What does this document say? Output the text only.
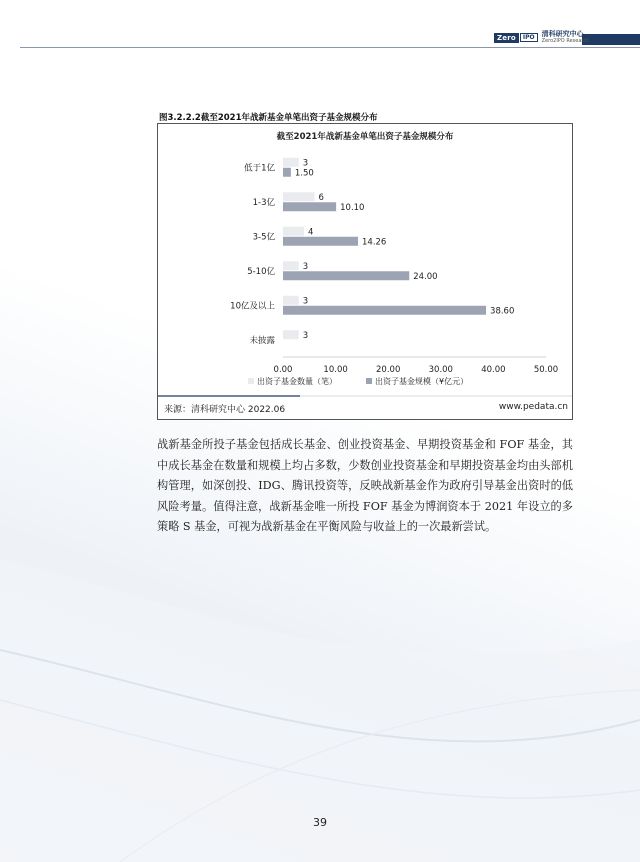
Zero	IPO	清科研究中心
Zero2IPO Research
图3.2.2.2截至2021年战新基金单笔出资子基金规模分布
截至2021年战新基金单笔出资子基金规模分布
低于1亿	3
1.50
1-3亿	6
10.10
3-5亿	4
14.26
5-10亿	3
24.00
10亿及以上	3
38.60
未披露	3
0.00	10.00	20.00	30.00	40.00	50.00
出资子基金数量（笔）	出资子基金规模（¥亿元）
来源：清科研究中心 2022.06	www.pedata.cn
战新基金所投子基金包括成长基金、创业投资基金、早期投资基金和 FOF 基金，其中成长基金在数量和规模上均占多数，少数创业投资基金和早期投资基金均由头部机构管理，如深创投、IDG、腾讯投资等，反映战新基金作为政府引导基金出资时的低风险考量。值得注意，战新基金唯一所投 FOF 基金为博润资本于 2021 年设立的多策略 S 基金，可视为战新基金在平衡风险与收益上的一次最新尝试。
39
